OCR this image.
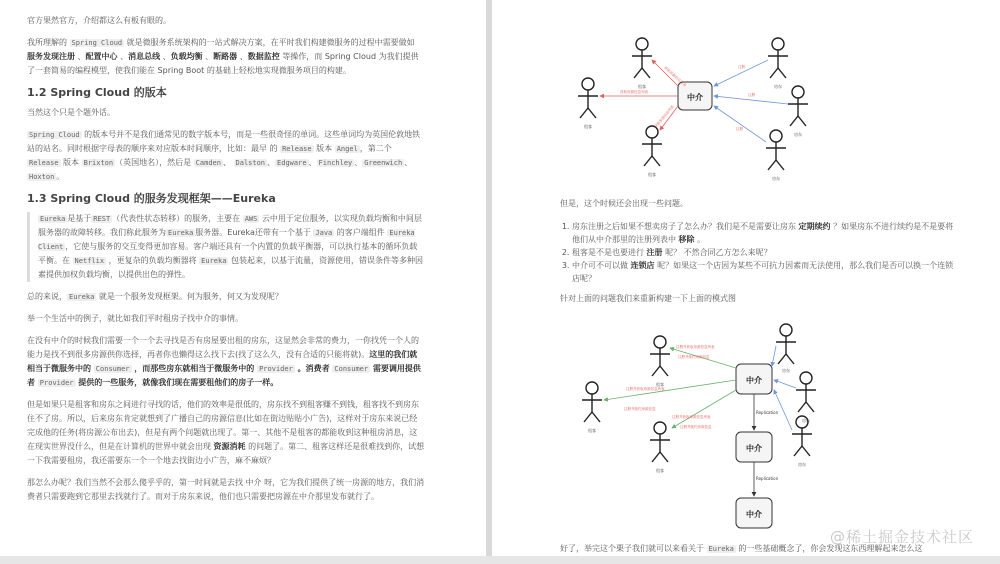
官方果然官方，介绍都这么有板有眼的。

我所理解的 Spring Cloud 就是微服务系统架构的一站式解决方案，在平时我们构建微服务的过程中需要做如 服务发现注册 、配置中心 、消息总线 、负载均衡 、断路器 、数据监控 等操作，而 Spring Cloud 为我们提供了一套简易的编程模型，使我们能在 Spring Boot 的基础上轻松地实现微服务项目的构建。

1.2 Spring Cloud 的版本

当然这个只是个题外话。

Spring Cloud 的版本号并不是我们通常见的数字版本号，而是一些很奇怪的单词。这些单词均为英国伦敦地铁站的站名。同时根据字母表的顺序来对应版本时间顺序，比如：最早 的 Release 版本 Angel ，第二个 Release 版本 Brixton （英国地名），然后是 Camden 、 Dalston 、 Edgware 、 Finchley 、 Greenwich 、Hoxton 。

1.3 Spring Cloud 的服务发现框架——Eureka
Eureka 是基于 REST （代表性状态转移）的服务，主要在 AWS 云中用于定位服务，以实现负载均衡和中间层服务器的故障转移。我们称此服务为 Eureka 服务器。Eureka还带有一个基于 Java 的客户端组件 Eureka Client ，它使与服务的交互变得更加容易。客户端还具有一个内置的负载平衡器，可以执行基本的循环负载平衡。在 Netflix ，更复杂的负载均衡器将 Eureka 包装起来，以基于流量，资源使用，错误条件等多种因素提供加权负载均衡，以提供出色的弹性。

总的来说， Eureka 就是一个服务发现框架。何为服务，何又为发现呢？

举一个生活中的例子，就比如我们平时租房子找中介的事情。

在没有中介的时候我们需要一个一个去寻找是否有房屋要出租的房东，这显然会非常的费力，一你找凭一个人的能力是找不到很多房源供你选择，再者你也懒得这么找下去(找了这么久，没有合适的只能将就)。这里的我们就相当于微服务中的 Consumer ，而那些房东就相当于微服务中的 Provider 。消费者 Consumer 需要调用提供者 Provider 提供的一些服务，就像我们现在需要租他们的房子一样。

但是如果只是租客和房东之间进行寻找的话，他们的效率是很低的，房东找不到租客赚不到钱，租客找不到房东住不了房。所以，后来房东肯定就想到了广播自己的房源信息(比如在街边贴贴小广告)，这样对于房东来说已经完成他的任务(将房源公布出去)，但是有两个问题就出现了。第一、其他不是租客的都能收到这种租房消息，这在现实世界没什么，但是在计算机的世界中就会出现 资源消耗 的问题了。第二、租客这样还是很难找到你，试想一下我需要租房，我还需要东一个一个地去找街边小广告，麻不麻烦？

那怎么办呢？我们当然不会那么傻乎乎的，第一时间就是去找 中介 呀，它为我们提供了统一房源的地方，我们消费者只需要跑到它那里去找就行了。而对于房东来说，他们也只需要把房源在中介那里发布就行了。

中介
租客
租客
租客
房东
房东
房东
获取房源信息列表
获取房源信息列表
获取房源信息列表
注册
注册
注册
但是，这个时候还会出现一些问题。
1. 房东注册之后如果不想卖房子了怎么办？我们是不是需要让房东 定期续约 ？如果房东不进行续约是不是要将他们从中介那里的注册列表中 移除 。
2. 租客是不是也要进行 注册 呢？ 不然合同乙方怎么来呢？
3. 中介可不可以做 连锁店 呢？如果这一个店因为某些不可抗力因素而无法使用，那么我们是否可以换一个连锁店呢？
针对上面的问题我们来重新构建一下上面的模式图
中介
中介
中介
Replication
Replication
租客
租客
租客
房东
房东
房东
注册并获取房源信息列表
注册并获取房源信息列表
注册并获取房源信息列表
注册并续约房源信息
注册并续约房源信息
注册并续约房源信息
好了，举完这个栗子我们就可以来看关于 Eureka 的一些基础概念了，你会发现这东西理解起来怎么这
@稀土掘金技术社区
